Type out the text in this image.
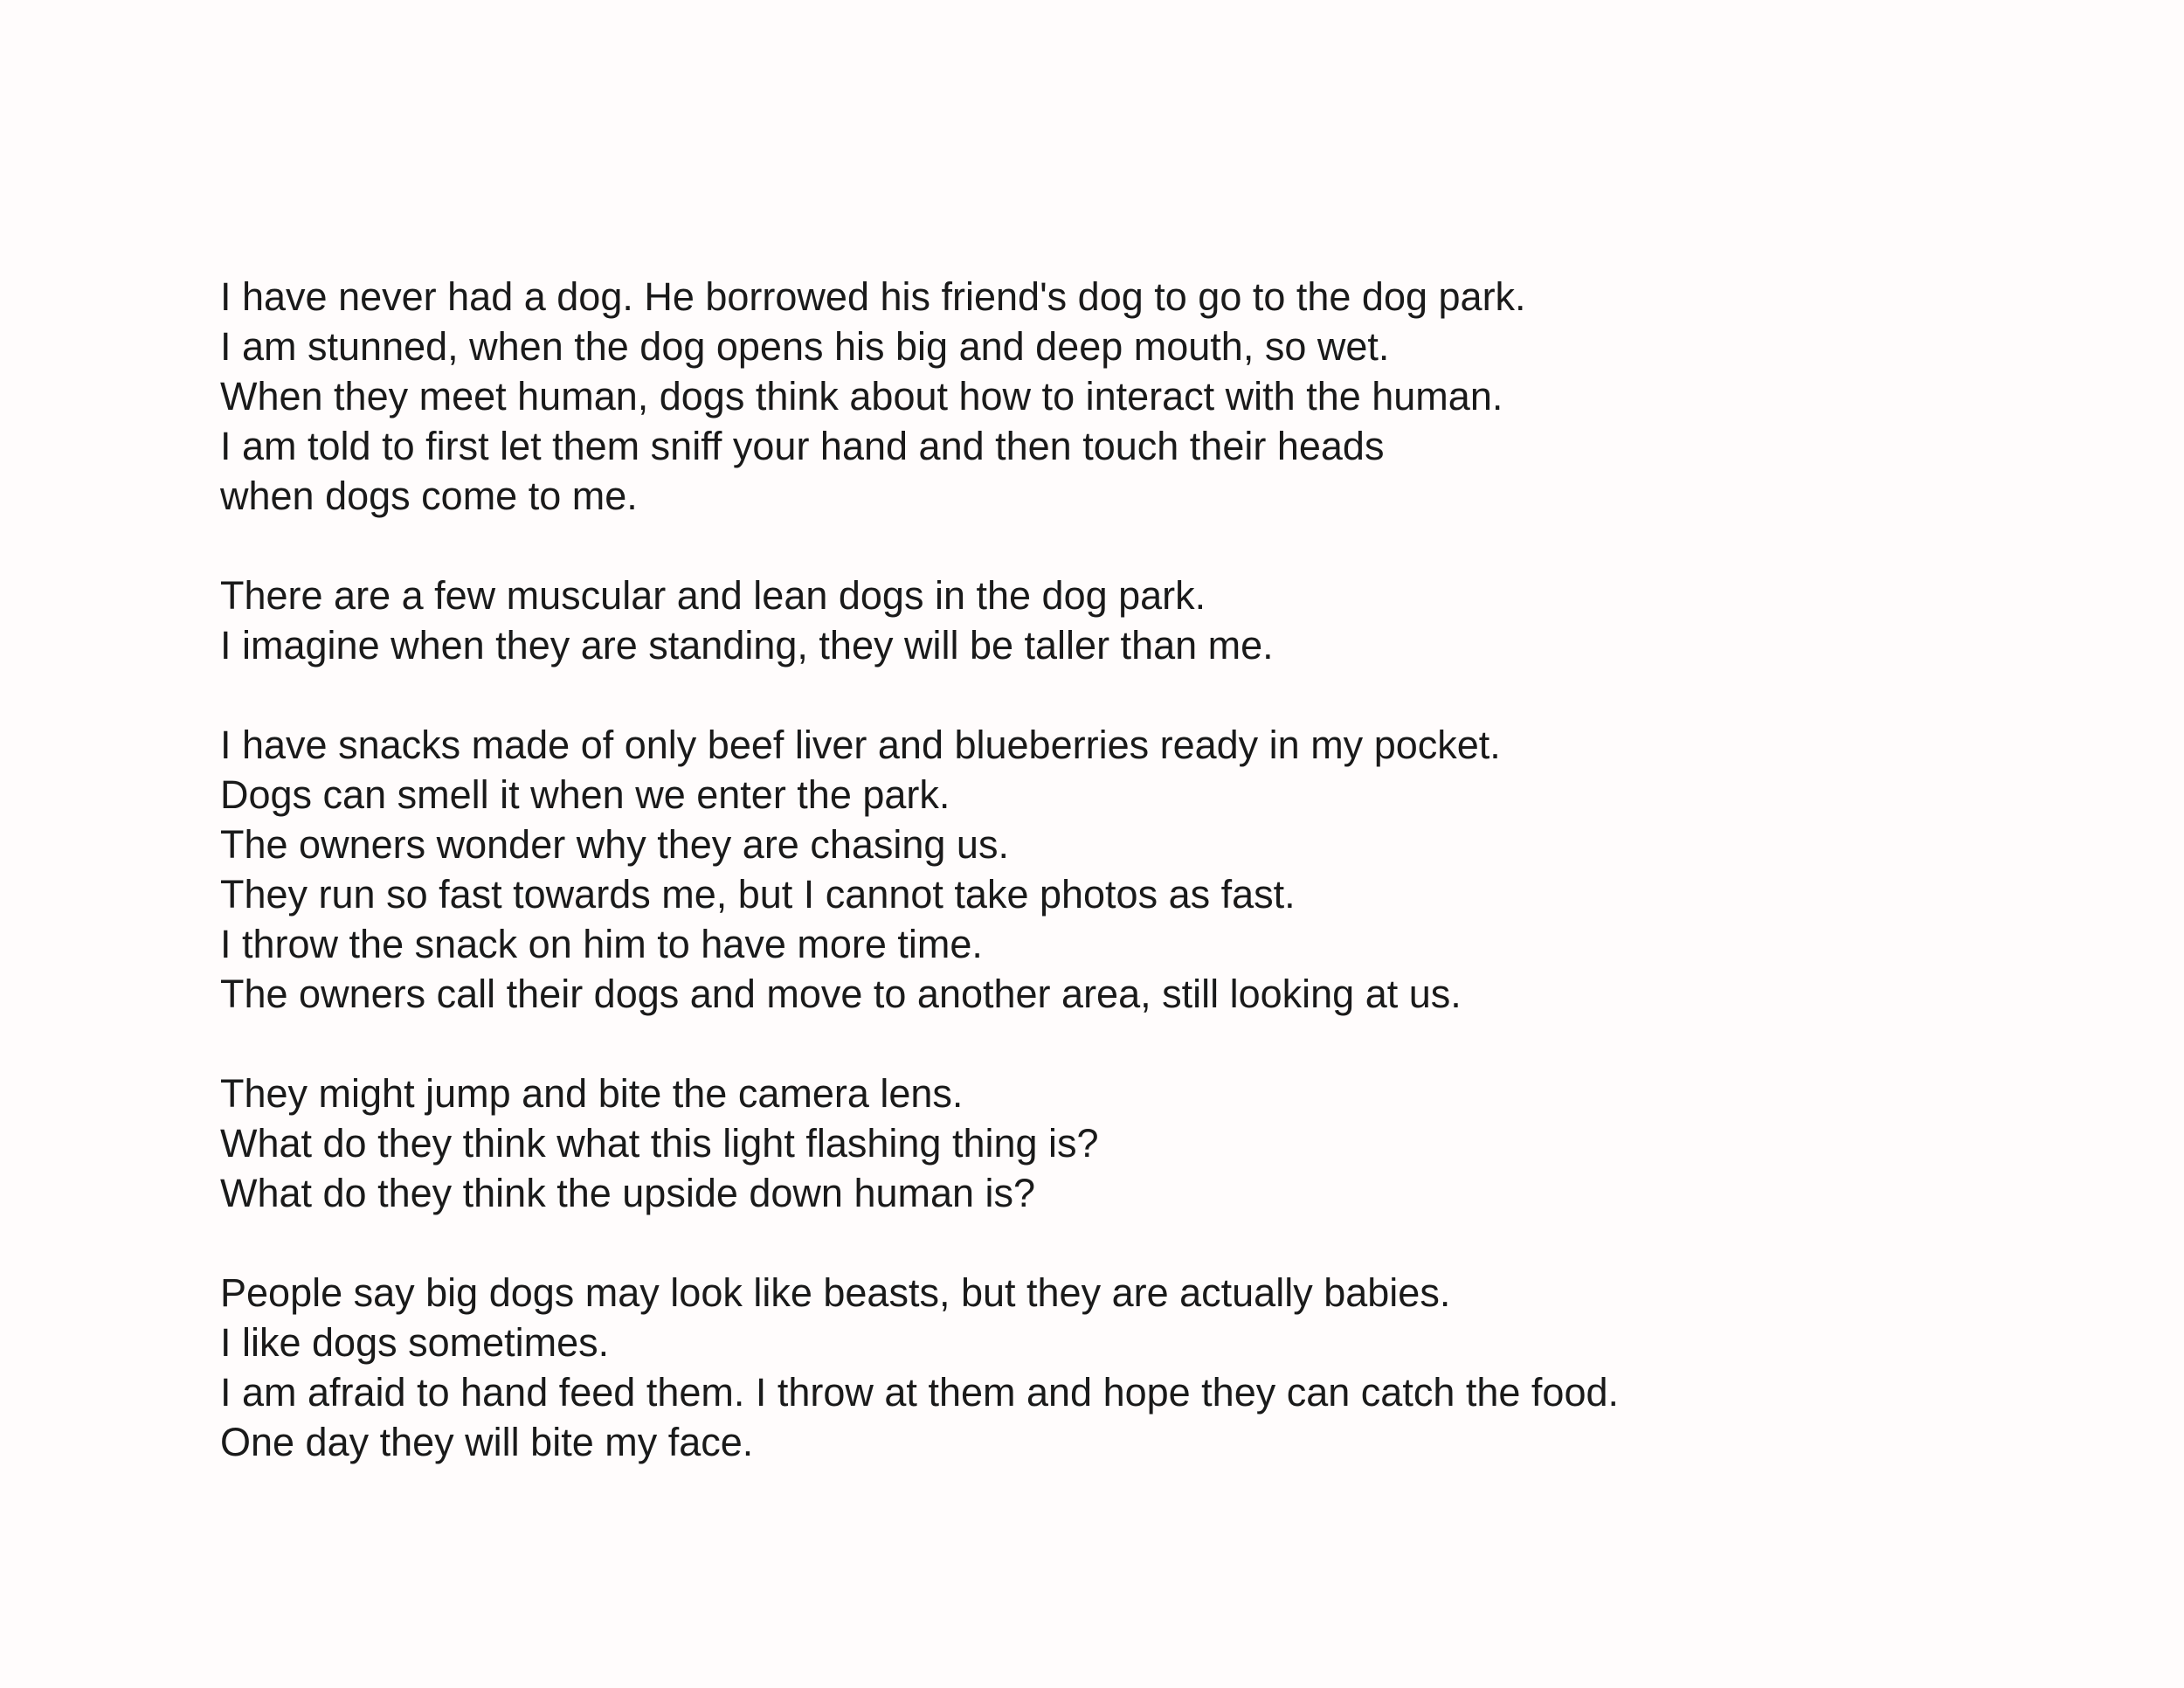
I have never had a dog. He borrowed his friend's dog to go to the dog park.
I am stunned, when the dog opens his big and deep mouth, so wet.
When they meet human, dogs think about how to interact with the human.
I am told to first let them sniff your hand and then touch their heads
when dogs come to me.

There are a few muscular and lean dogs in the dog park.
I imagine when they are standing, they will be taller than me.

I have snacks made of only beef liver and blueberries ready in my pocket.
Dogs can smell it when we enter the park.
The owners wonder why they are chasing us.
They run so fast towards me, but I cannot take photos as fast.
I throw the snack on him to have more time.
The owners call their dogs and move to another area, still looking at us.

They might jump and bite the camera lens.
What do they think what this light flashing thing is?
What do they think the upside down human is?

People say big dogs may look like beasts, but they are actually babies.
I like dogs sometimes.
I am afraid to hand feed them. I throw at them and hope they can catch the food.
One day they will bite my face.
